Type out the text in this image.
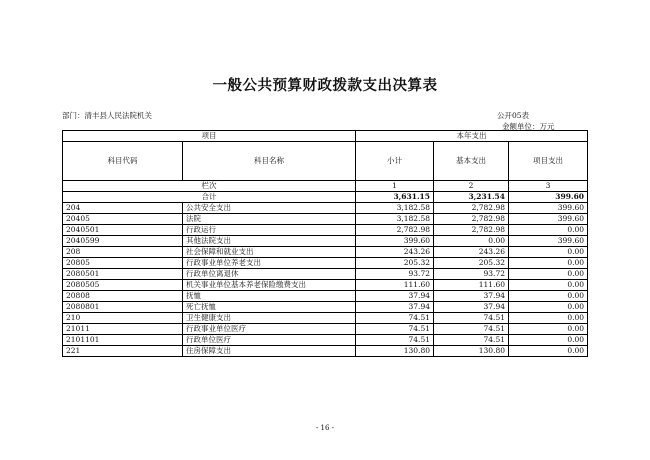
一般公共预算财政拨款支出决算表
部门：清丰县人民法院机关	公开05表
金额单位：万元
项目		本年支出		
科目代码	科目名称	小计	基本支出	项目支出
栏次		1	2	3
合计		3,631.15	3,231.54	399.60
204	公共安全支出	3,182.58	2,782.98	399.60
20405	法院	3,182.58	2,782.98	399.60
2040501	行政运行	2,782.98	2,782.98	0.00
2040599	其他法院支出	399.60	0.00	399.60
208	社会保障和就业支出	243.26	243.26	0.00
20805	行政事业单位养老支出	205.32	205.32	0.00
2080501	行政单位离退休	93.72	93.72	0.00
2080505	机关事业单位基本养老保险缴费支出	111.60	111.60	0.00
20808	抚恤	37.94	37.94	0.00
2080801	死亡抚恤	37.94	37.94	0.00
210	卫生健康支出	74.51	74.51	0.00
21011	行政事业单位医疗	74.51	74.51	0.00
2101101	行政单位医疗	74.51	74.51	0.00
221	住房保障支出	130.80	130.80	0.00
- 16 -
